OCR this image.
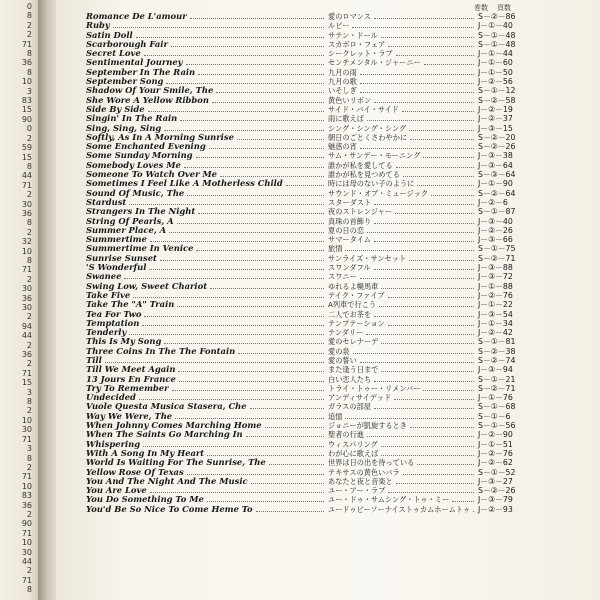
0
8
2
2
71
8
36
8
10
3
83
15
90
0
2
59
15
8
44
71
2
30
36
8
2
32
10
8
71
2
30
36
30
2
94
44
2
36
2
71
15
3
8
2
10
30
71
3
8
2
71
10
83
36
2
90
71
10
30
44
2
71
8
巻数 頁数
Romance De L'amour	愛のロマンス	S－②－86
Ruby	ルビー	J－①－40
Satin Doll	サテン・ドール	S－①－48
Scarborough Fair	スカボロ・フェア	S－①－48
Secret Love	シークレット・ラブ	J－①－44
Sentimental Journey	センチメンタル・ジャーニー	J－①－60
September In The Rain	九月の雨	J－①－50
September Song	九月の歌	J－②－56
Shadow Of Your Smile, The	いそしぎ	S－①－12
She Wore A Yellow Ribbon	黄色いリボン	S－②－58
Side By Side	サイド・バイ・サイド	J－②－19
Singin' In The Rain	雨に歌えば	J－②－37
Sing, Sing, Sing	シング・シング・シング	J－③－15
Softly, As In A Morning Sunrise	朝日のごとくさわやかに	S－②－20
Some Enchanted Evening	魅惑の宵	S－②－26
Some Sunday Morning	サム・サンデー・モーニング	J－③－38
Somebody Loves Me	誰かが私を愛してる	J－③－64
Someone To Watch Over Me	誰かが私を見つめてる	S－③－64
Sometimes I Feel Like A Motherless Child	時には母のない子のように	J－①－90
Sound Of Music, The	サウンド・オブ・ミュージック	S－②－64
Stardust	スターダスト	J－②－6
Strangers In The Night	夜のストレンジャー	S－①－87
String Of Pearls, A	真珠の首飾り	J－③－40
Summer Place, A	夏の日の恋	J－②－26
Summertime	サマータイム	J－③－66
Summertime In Venice	旅情	S－①－75
Sunrise Sunset	サンライズ・サンセット	S－②－71
'S Wonderful	スワンダフル	J－③－88
Swanee	スワニー	J－③－72
Swing Low, Sweet Chariot	ゆれるよ幌馬車	J－①－88
Take Five	テイク・ファイブ	J－②－76
Take The "A" Train	A列車で行こう	J－①－22
Tea For Two	二人でお茶を	J－③－54
Temptation	テンプテーション	J－①－34
Tenderly	テンダリー	J－②－42
This Is My Song	愛のセレナーデ	S－①－81
Three Coins In The The Fontain	愛の泉	S－②－38
Till	愛の誓い	S－②－74
Till We Meet Again	また逢う日まで	J－③－94
13 Jours En France	白い恋人たち	S－①－21
Try To Remember	トライ・トゥー・リメンバー	S－②－71
Undecided	アンディサイデッド	J－①－76
Vuole Questa Musica Stasera, Che	ガラスの部屋	S－①－68
Way We Were, The	追憶	S－①－6
When Johnny Comes Marching Home	ジョニーが凱旋するとき	S－①－56
When The Saints Go Marching In	聖者の行進	J－②－90
Whispering	ウィスパリング	J－①－51
With A Song In My Heart	わが心に歌えば	J－②－76
World Is Waiting For The Sunrise, The	世界は日の出を待っている	J－②－62
Yellow Rose Of Texas	テキサスの黄色いバラ	S－①－52
You And The Night And The Music	あなたと夜と音楽と	J－③－27
You Are Love	ユー・アー・ラブ	S－②－26
You Do Something To Me	ユー・ドゥ・サムシング・トゥ・ミー	J－③－79
You'd Be So Nice To Come Heme To	ユードゥビーソーナイストゥカムホームトゥ J－②－93
